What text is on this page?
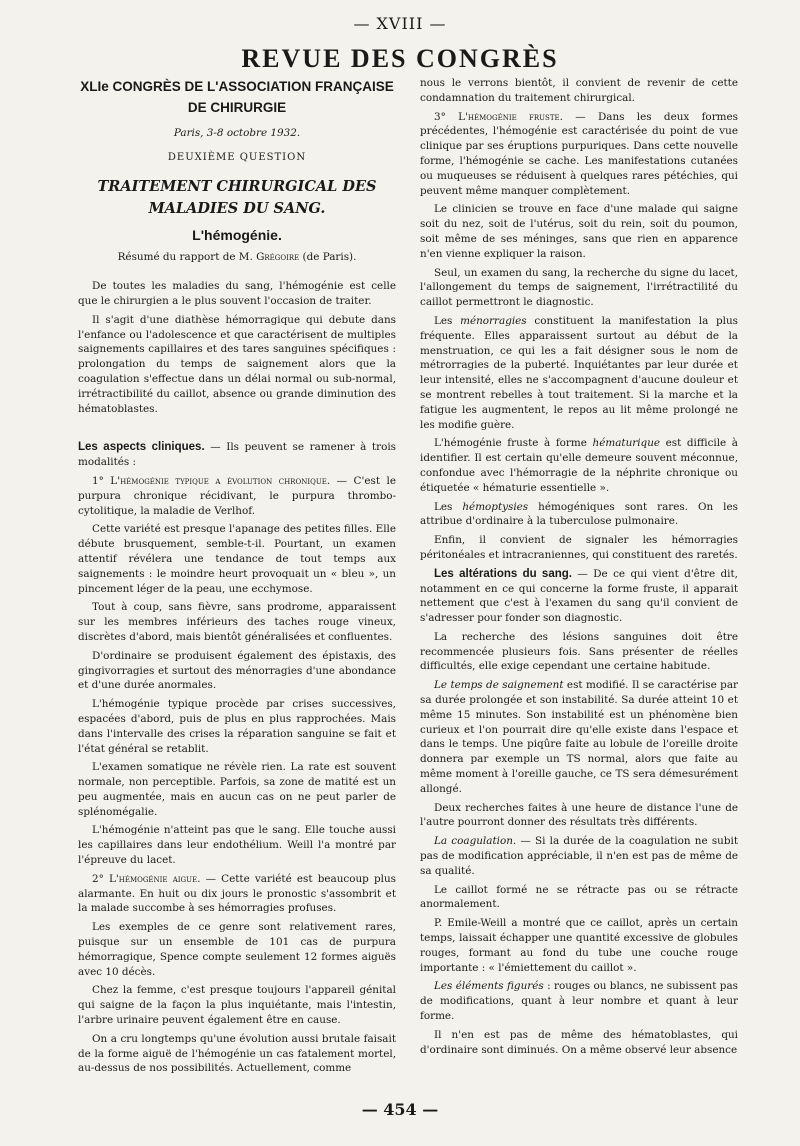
— XVIII —
REVUE DES CONGRÈS
XLIe CONGRÈS DE L'ASSOCIATION FRANÇAISE DE CHIRURGIE
Paris, 3-8 octobre 1932.
DEUXIÈME QUESTION
TRAITEMENT CHIRURGICAL DES MALADIES DU SANG.
L'hémogénie.
Résumé du rapport de M. Grégoire (de Paris).

De toutes les maladies du sang, l'hémogénie est celle que le chirurgien a le plus souvent l'occasion de traiter.

Il s'agit d'une diathèse hémorragique qui debute dans l'enfance ou l'adolescence et que caractérisent de multiples saignements capillaires et des tares sanguines spécifiques : prolongation du temps de saignement alors que la coagulation s'effectue dans un délai normal ou sub-normal, irrétractibilité du caillot, absence ou grande diminution des hématoblastes.

Les aspects cliniques. — Ils peuvent se ramener à trois modalités :

1° L'hémogénie typique a évolution chronique. — C'est le purpura chronique récidivant, le purpura thrombo-cytolitique, la maladie de Verlhof.

Cette variété est presque l'apanage des petites filles. Elle débute brusquement, semble-t-il. Pourtant, un examen attentif révélera une tendance de tout temps aux saignements : le moindre heurt provoquait un « bleu », un pincement léger de la peau, une ecchymose.

Tout à coup, sans fièvre, sans prodrome, apparaissent sur les membres inférieurs des taches rouge vineux, discrètes d'abord, mais bientôt généralisées et confluentes.

D'ordinaire se produisent également des épistaxis, des gingivorragies et surtout des ménorragies d'une abondance et d'une durée anormales.

L'hémogénie typique procède par crises successives, espacées d'abord, puis de plus en plus rapprochées. Mais dans l'intervalle des crises la réparation sanguine se fait et l'état général se retablit.

L'examen somatique ne révèle rien. La rate est souvent normale, non perceptible. Parfois, sa zone de matité est un peu augmentée, mais en aucun cas on ne peut parler de splénomégalie.

L'hémogénie n'atteint pas que le sang. Elle touche aussi les capillaires dans leur endothélium. Weill l'a montré par l'épreuve du lacet.

2° L'hémogénie aigue. — Cette variété est beaucoup plus alarmante. En huit ou dix jours le pronostic s'assombrit et la malade succombe à ses hémorragies profuses.

Les exemples de ce genre sont relativement rares, puisque sur un ensemble de 101 cas de purpura hémorragique, Spence compte seulement 12 formes aiguës avec 10 décès.

Chez la femme, c'est presque toujours l'appareil génital qui saigne de la façon la plus inquiétante, mais l'intestin, l'arbre urinaire peuvent également être en cause.

On a cru longtemps qu'une évolution aussi brutale faisait de la forme aiguë de l'hémogénie un cas fatalement mortel, au-dessus de nos possibilités. Actuellement, comme

nous le verrons bientôt, il convient de revenir de cette condamnation du traitement chirurgical.

3° L'hémogénie fruste. — Dans les deux formes précédentes, l'hémogénie est caractérisée du point de vue clinique par ses éruptions purpuriques. Dans cette nouvelle forme, l'hémogénie se cache. Les manifestations cutanées ou muqueuses se réduisent à quelques rares pétéchies, qui peuvent même manquer complètement.

Le clinicien se trouve en face d'une malade qui saigne soit du nez, soit de l'utérus, soit du rein, soit du poumon, soit même de ses méninges, sans que rien en apparence n'en vienne expliquer la raison.

Seul, un examen du sang, la recherche du signe du lacet, l'allongement du temps de saignement, l'irrétractilité du caillot permettront le diagnostic.

Les ménorragies constituent la manifestation la plus fréquente. Elles apparaissent surtout au début de la menstruation, ce qui les a fait désigner sous le nom de métrorragies de la puberté. Inquiétantes par leur durée et leur intensité, elles ne s'accompagnent d'aucune douleur et se montrent rebelles à tout traitement. Si la marche et la fatigue les augmentent, le repos au lit même prolongé ne les modifie guère.

L'hémogénie fruste à forme hématurique est difficile à identifier. Il est certain qu'elle demeure souvent méconnue, confondue avec l'hémorragie de la néphrite chronique ou étiquetée « hématurie essentielle ».

Les hémoptysies hémogéniques sont rares. On les attribue d'ordinaire à la tuberculose pulmonaire.

Enfin, il convient de signaler les hémorragies péritonéales et intracraniennes, qui constituent des raretés.

Les altérations du sang. — De ce qui vient d'être dit, notamment en ce qui concerne la forme fruste, il apparait nettement que c'est à l'examen du sang qu'il convient de s'adresser pour fonder son diagnostic.

La recherche des lésions sanguines doit être recommencée plusieurs fois. Sans présenter de réelles difficultés, elle exige cependant une certaine habitude.

Le temps de saignement est modifié. Il se caractérise par sa durée prolongée et son instabilité. Sa durée atteint 10 et même 15 minutes. Son instabilité est un phénomène bien curieux et l'on pourrait dire qu'elle existe dans l'espace et dans le temps. Une piqûre faite au lobule de l'oreille droite donnera par exemple un TS normal, alors que faite au même moment à l'oreille gauche, ce TS sera démesurément allongé.

Deux recherches faites à une heure de distance l'une de l'autre pourront donner des résultats très différents.

La coagulation. — Si la durée de la coagulation ne subit pas de modification appréciable, il n'en est pas de même de sa qualité.

Le caillot formé ne se rétracte pas ou se rétracte anormalement.

P. Emile-Weill a montré que ce caillot, après un certain temps, laissait échapper une quantité excessive de globules rouges, formant au fond du tube une couche rouge importante : « l'émiettement du caillot ».

Les éléments figurés : rouges ou blancs, ne subissent pas de modifications, quant à leur nombre et quant à leur forme.

Il n'en est pas de même des hématoblastes, qui d'ordinaire sont diminués. On a même observé leur absence

— 454 —
